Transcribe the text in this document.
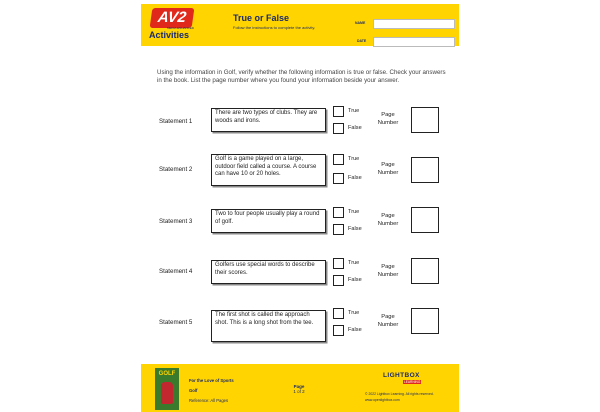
AV2
MEDIA ENHANCED
Activities
True or False
Follow the instructions to complete the activity.
NAME
DATE
Using the information in Golf, verify whether the following information is true or false. Check your answers in the book. List the page number where you found your information beside your answer.
Statement 1
There are two types of clubs. They are woods and irons.
True
False
Page Number
Statement 2
Golf is a game played on a large, outdoor field called a course. A course can have 10 or 20 holes.
True
False
Page Number
Statement 3
Two to four people usually play a round of golf.
True
False
Page Number
Statement 4
Golfers use special words to describe their scores.
True
False
Page Number
Statement 5
The first shot is called the approach shot. This is a long shot from the tee.
True
False
Page Number
GOLF
For the Love of Sports
Golf
Reference: All Pages
Page
1 of 2
LIGHTBOX
LEARNING
© 2022 Lightbox Learning. All rights reserved.
www.openlightbox.com
